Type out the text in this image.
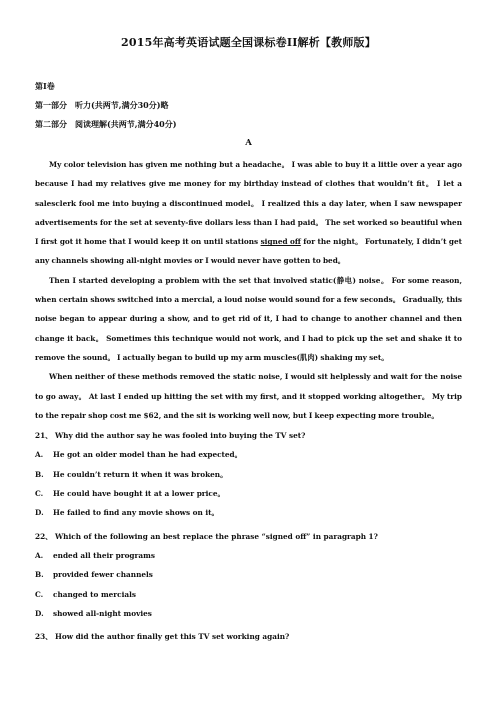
2015年高考英语试题全国课标卷II解析【教师版】
第I卷
第一部分　听力(共两节,满分30分)略
第二部分　阅读理解(共两节,满分40分)
A

My color television has given me nothing but a headache。 I was able to buy it a little over a year ago because I had my relatives give me money for my birthday instead of clothes that wouldn’t fit。 I let a salesclerk fool me into buying a discontinued model。 I realized this a day later, when I saw newspaper advertisements for the set at seventy-five dollars less than I had paid。 The set worked so beautiful when I first got it home that I would keep it on until stations signed off for the night。 Fortunately, I didn’t get any channels showing all-night movies or I would never have gotten to bed。

Then I started developing a problem with the set that involved static(静电) noise。 For some reason, when certain shows switched into a mercial, a loud noise would sound for a few seconds。 Gradually, this noise began to appear during a show, and to get rid of it, I had to change to another channel and then change it back。 Sometimes this technique would not work, and I had to pick up the set and shake it to remove the sound。 I actually began to build up my arm muscles(肌肉) shaking my set。

When neither of these methods removed the static noise, I would sit helplessly and wait for the noise to go away。 At last I ended up hitting the set with my first, and it stopped working altogether。 My trip to the repair shop cost me $62, and the sit is working well now, but I keep expecting more trouble。

21、 Why did the author say he was fooled into buying the TV set?

A.	He got an older model than he had expected。
B.	He couldn’t return it when it was broken。
C.	He could have bought it at a lower price。
D.	He failed to find any movie shows on it。

22、 Which of the following an best replace the phrase “signed off” in paragraph 1?

A.	ended all their programs
B.	provided fewer channels
C.	changed to mercials
D.	showed all-night movies

23、 How did the author finally get this TV set working again?
